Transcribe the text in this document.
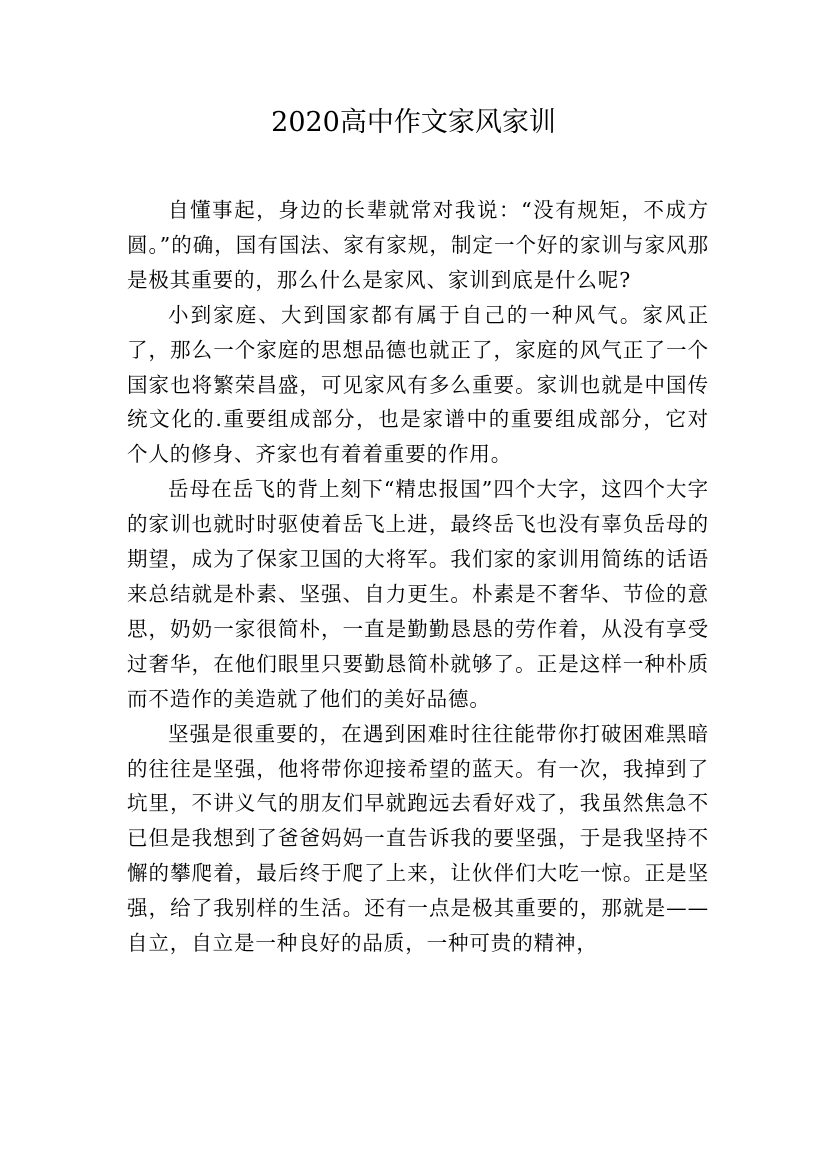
2020高中作文家风家训

自懂事起，身边的长辈就常对我说：“没有规矩，不成方圆。”的确，国有国法、家有家规，制定一个好的家训与家风那是极其重要的，那么什么是家风、家训到底是什么呢?

小到家庭、大到国家都有属于自己的一种风气。家风正了，那么一个家庭的思想品德也就正了，家庭的风气正了一个国家也将繁荣昌盛，可见家风有多么重要。家训也就是中国传统文化的.重要组成部分，也是家谱中的重要组成部分，它对个人的修身、齐家也有着着重要的作用。

岳母在岳飞的背上刻下“精忠报国”四个大字，这四个大字的家训也就时时驱使着岳飞上进，最终岳飞也没有辜负岳母的期望，成为了保家卫国的大将军。我们家的家训用简练的话语来总结就是朴素、坚强、自力更生。朴素是不奢华、节俭的意思，奶奶一家很简朴，一直是勤勤恳恳的劳作着，从没有享受过奢华，在他们眼里只要勤恳简朴就够了。正是这样一种朴质而不造作的美造就了他们的美好品德。

坚强是很重要的，在遇到困难时往往能带你打破困难黑暗的往往是坚强，他将带你迎接希望的蓝天。有一次，我掉到了坑里，不讲义气的朋友们早就跑远去看好戏了，我虽然焦急不已但是我想到了爸爸妈妈一直告诉我的要坚强，于是我坚持不懈的攀爬着，最后终于爬了上来，让伙伴们大吃一惊。正是坚强，给了我别样的生活。还有一点是极其重要的，那就是——自立，自立是一种良好的品质，一种可贵的精神，
